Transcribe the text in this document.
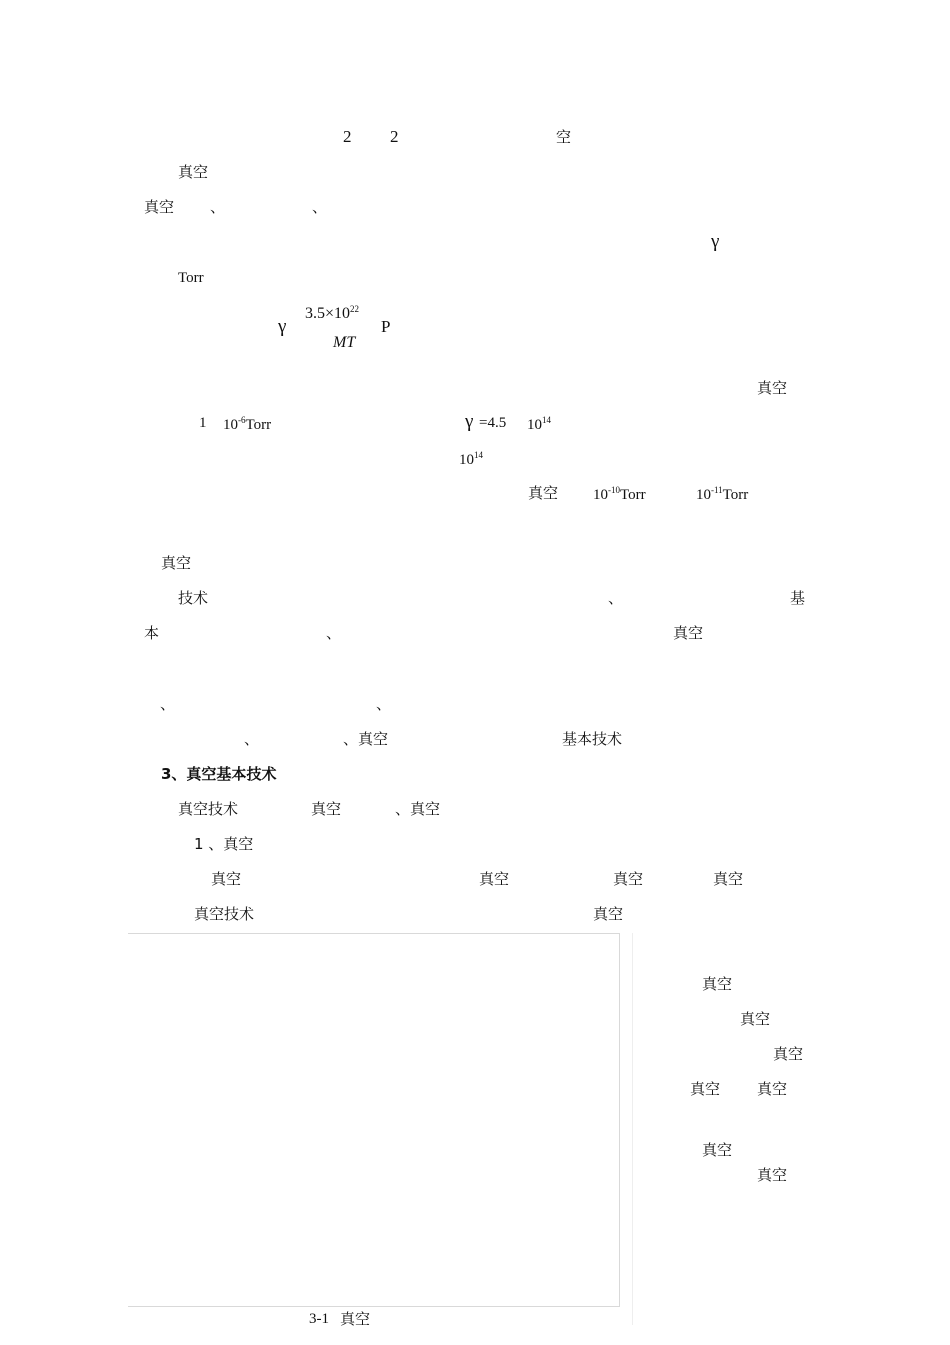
2 2	空
真空
真空 、	、
γ
Torr
γ
$3.5\times 10^{22}$
MT
P
真空
1 $10^{-6}Torr$	γ =4.5 $10^{14}$
$10^{14}$
真空 $10^{-10}Torr$	$10^{-11}Torr$
真空
技术	、	基
本	、	真空
、	、
、	、真空	基本技术
3、真空基本技术
真空技术	真空	、真空
1 、真空
真空	真空	真空	真空
真空技术	真空
真空
真空
真空
真空 真空
真空
真空
3-1 真空
